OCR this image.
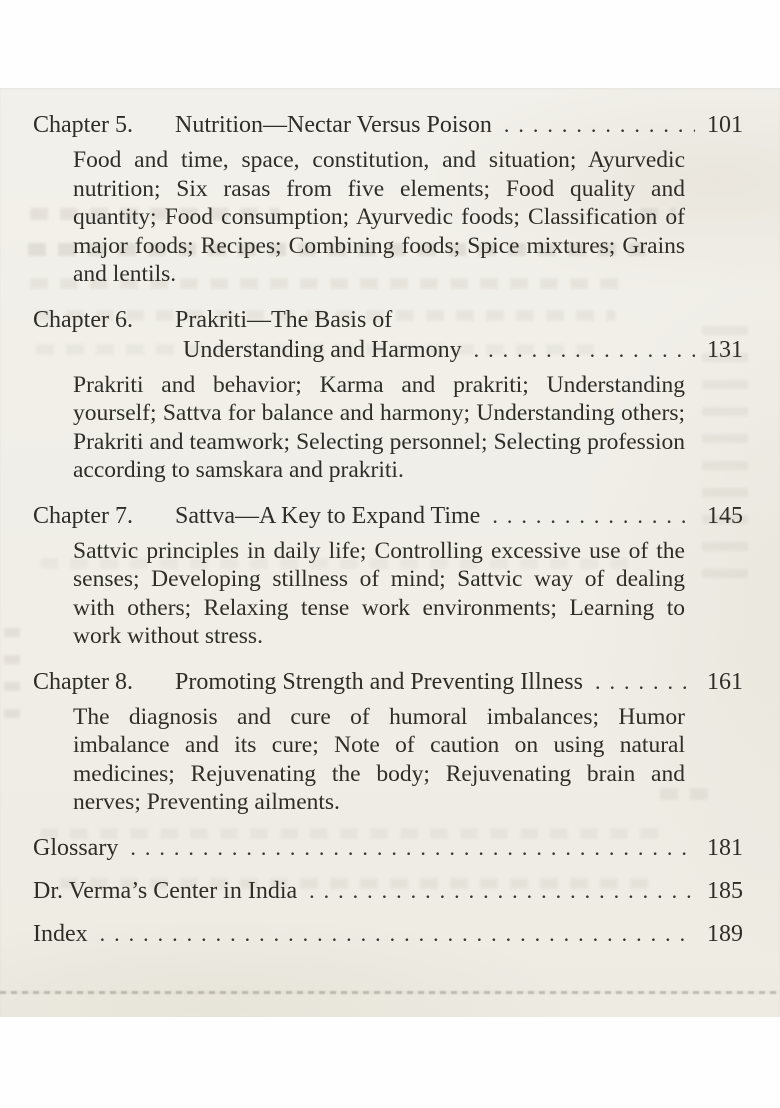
Chapter 5.	Nutrition—Nectar Versus Poison .....	101
Food and time, space, constitution, and situation; Ayurvedic nutrition; Six rasas from five elements; Food quality and quantity; Food consumption; Ayurvedic foods; Classification of major foods; Recipes; Combining foods; Spice mixtures; Grains and lentils.
Chapter 6.	Prakriti—The Basis of
Understanding and Harmony .....	131
Prakriti and behavior; Karma and prakriti; Understanding yourself; Sattva for balance and harmony; Understanding others; Prakriti and teamwork; Selecting personnel; Selecting profession according to samskara and prakriti.
Chapter 7.	Sattva—A Key to Expand Time .....	145
Sattvic principles in daily life; Controlling excessive use of the senses; Developing stillness of mind; Sattvic way of dealing with others; Relaxing tense work environments; Learning to work without stress.
Chapter 8.	Promoting Strength and Preventing Illness .....	161
The diagnosis and cure of humoral imbalances; Humor imbalance and its cure; Note of caution on using natural medicines; Rejuvenating the body; Rejuvenating brain and nerves; Preventing ailments.
Glossary .....	181
Dr. Verma’s Center in India .....	185
Index .....	189
